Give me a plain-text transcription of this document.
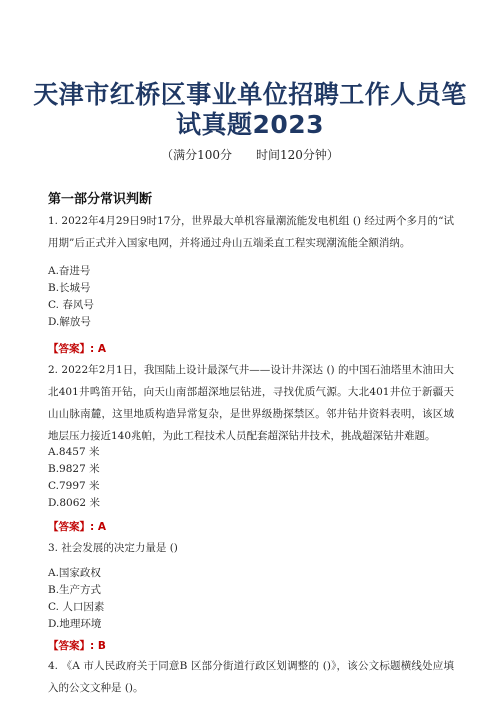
天津市红桥区事业单位招聘工作人员笔
试真题2023
（满分100分　　时间120分钟）
第一部分常识判断
1. 2022年4月29日9时17分，世界最大单机容量潮流能发电机组 () 经过两个多月的“试用期”后正式并入国家电网，并将通过舟山五端柔直工程实现潮流能全额消纳。
A.奋进号
B.长城号
C. 春风号
D.解放号
【答案】: A
2. 2022年2月1日，我国陆上设计最深气井——设计井深达 () 的中国石油塔里木油田大北401井鸣笛开钻，向天山南部超深地层钻进，寻找优质气源。大北401井位于新疆天山山脉南麓，这里地质构造异常复杂，是世界级勘探禁区。邻井钻井资料表明，该区域地层压力接近140兆帕，为此工程技术人员配套超深钻井技术，挑战超深钻井难题。
A.8457 米
B.9827 米
C.7997 米
D.8062 米
【答案】: A
3. 社会发展的决定力量是 ()
A.国家政权
B.生产方式
C. 人口因素
D.地理环境
【答案】: B
4. 《A 市人民政府关于同意B 区部分街道行政区划调整的 ()》，该公文标题横线处应填入的公文文种是 ()。
